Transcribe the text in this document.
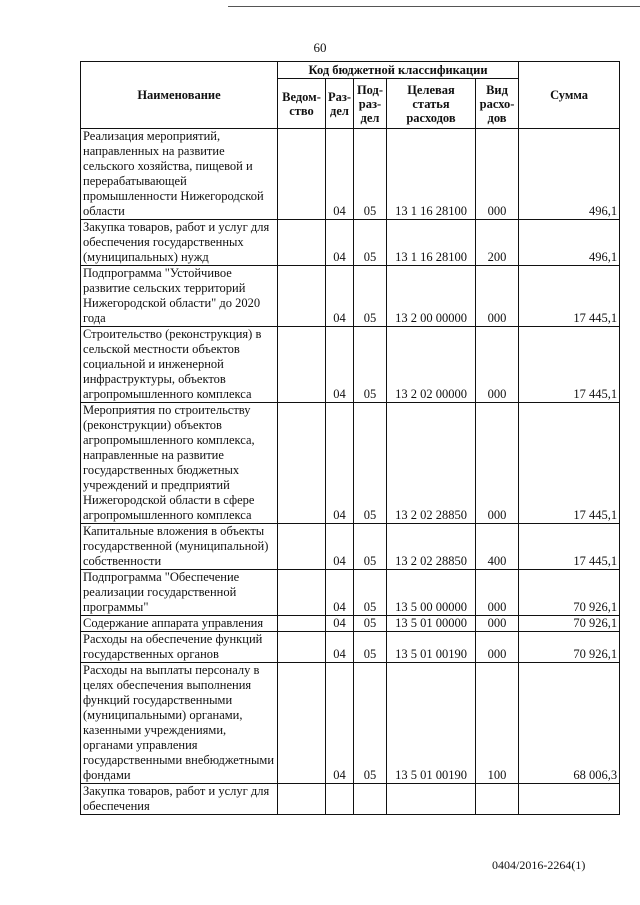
60
Наименование	Код бюджетной классификации					Сумма
	Ведом-ство	Раз-дел	Под-раз-дел	Целевая статья расходов	Вид расхо-дов	
Реализация мероприятий, направленных на развитие сельского хозяйства, пищевой и перерабатывающей промышленности Нижегородской области		04	05	13 1 16 28100	000	496,1
Закупка товаров, работ и услуг для обеспечения государственных (муниципальных) нужд		04	05	13 1 16 28100	200	496,1
Подпрограмма "Устойчивое развитие сельских территорий Нижегородской области" до 2020 года		04	05	13 2 00 00000	000	17 445,1
Строительство (реконструкция) в сельской местности объектов социальной и инженерной инфраструктуры, объектов агропромышленного комплекса		04	05	13 2 02 00000	000	17 445,1
Мероприятия по строительству (реконструкции) объектов агропромышленного комплекса, направленные на развитие государственных бюджетных учреждений и предприятий Нижегородской области в сфере агропромышленного комплекса		04	05	13 2 02 28850	000	17 445,1
Капитальные вложения в объекты государственной (муниципальной) собственности		04	05	13 2 02 28850	400	17 445,1
Подпрограмма "Обеспечение реализации государственной программы"		04	05	13 5 00 00000	000	70 926,1
Содержание аппарата управления		04	05	13 5 01 00000	000	70 926,1
Расходы на обеспечение функций государственных органов		04	05	13 5 01 00190	000	70 926,1
Расходы на выплаты персоналу в целях обеспечения выполнения функций государственными (муниципальными) органами, казенными учреждениями, органами управления государственными внебюджетными фондами		04	05	13 5 01 00190	100	68 006,3
Закупка товаров, работ и услуг для обеспечения						
0404/2016-2264(1)
